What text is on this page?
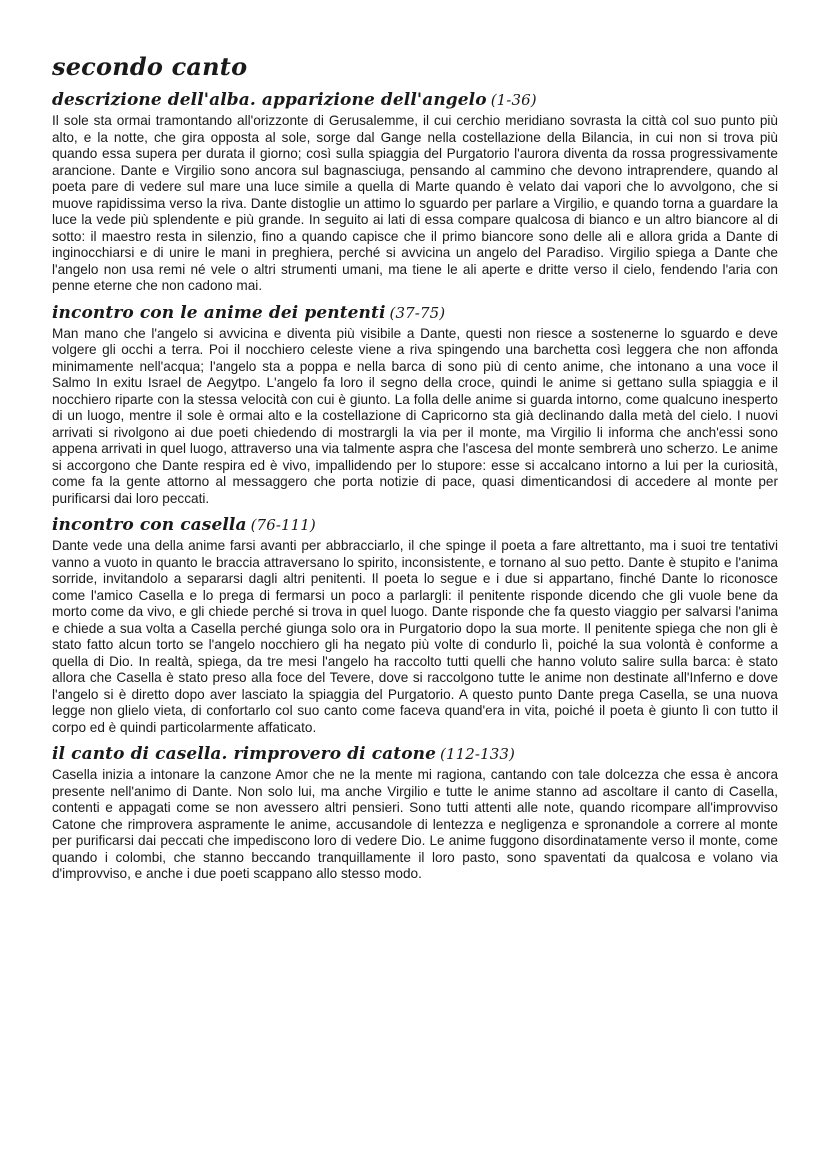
secondo canto
descrizione dell'alba. apparizione dell'angelo (1-36)

Il sole sta ormai tramontando all'orizzonte di Gerusalemme, il cui cerchio meridiano sovrasta la città col suo punto più alto, e la notte, che gira opposta al sole, sorge dal Gange nella costellazione della Bilancia, in cui non si trova più quando essa supera per durata il giorno; così sulla spiaggia del Purgatorio l'aurora diventa da rossa progressivamente arancione. Dante e Virgilio sono ancora sul bagnasciuga, pensando al cammino che devono intraprendere, quando al poeta pare di vedere sul mare una luce simile a quella di Marte quando è velato dai vapori che lo avvolgono, che si muove rapidissima verso la riva. Dante distoglie un attimo lo sguardo per parlare a Virgilio, e quando torna a guardare la luce la vede più splendente e più grande. In seguito ai lati di essa compare qualcosa di bianco e un altro biancore al di sotto: il maestro resta in silenzio, fino a quando capisce che il primo biancore sono delle ali e allora grida a Dante di inginocchiarsi e di unire le mani in preghiera, perché si avvicina un angelo del Paradiso. Virgilio spiega a Dante che l'angelo non usa remi né vele o altri strumenti umani, ma tiene le ali aperte e dritte verso il cielo, fendendo l'aria con penne eterne che non cadono mai.

incontro con le anime dei pententi (37-75)

Man mano che l'angelo si avvicina e diventa più visibile a Dante, questi non riesce a sostenerne lo sguardo e deve volgere gli occhi a terra. Poi il nocchiero celeste viene a riva spingendo una barchetta così leggera che non affonda minimamente nell'acqua; l'angelo sta a poppa e nella barca di sono più di cento anime, che intonano a una voce il Salmo In exitu Israel de Aegytpo. L'angelo fa loro il segno della croce, quindi le anime si gettano sulla spiaggia e il nocchiero riparte con la stessa velocità con cui è giunto. La folla delle anime si guarda intorno, come qualcuno inesperto di un luogo, mentre il sole è ormai alto e la costellazione di Capricorno sta già declinando dalla metà del cielo. I nuovi arrivati si rivolgono ai due poeti chiedendo di mostrargli la via per il monte, ma Virgilio li informa che anch'essi sono appena arrivati in quel luogo, attraverso una via talmente aspra che l'ascesa del monte sembrerà uno scherzo. Le anime si accorgono che Dante respira ed è vivo, impallidendo per lo stupore: esse si accalcano intorno a lui per la curiosità, come fa la gente attorno al messaggero che porta notizie di pace, quasi dimenticandosi di accedere al monte per purificarsi dai loro peccati.

incontro con casella (76-111)

Dante vede una della anime farsi avanti per abbracciarlo, il che spinge il poeta a fare altrettanto, ma i suoi tre tentativi vanno a vuoto in quanto le braccia attraversano lo spirito, inconsistente, e tornano al suo petto. Dante è stupito e l'anima sorride, invitandolo a separarsi dagli altri penitenti. Il poeta lo segue e i due si appartano, finché Dante lo riconosce come l'amico Casella e lo prega di fermarsi un poco a parlargli: il penitente risponde dicendo che gli vuole bene da morto come da vivo, e gli chiede perché si trova in quel luogo. Dante risponde che fa questo viaggio per salvarsi l'anima e chiede a sua volta a Casella perché giunga solo ora in Purgatorio dopo la sua morte. Il penitente spiega che non gli è stato fatto alcun torto se l'angelo nocchiero gli ha negato più volte di condurlo lì, poiché la sua volontà è conforme a quella di Dio. In realtà, spiega, da tre mesi l'angelo ha raccolto tutti quelli che hanno voluto salire sulla barca: è stato allora che Casella è stato preso alla foce del Tevere, dove si raccolgono tutte le anime non destinate all'Inferno e dove l'angelo si è diretto dopo aver lasciato la spiaggia del Purgatorio. A questo punto Dante prega Casella, se una nuova legge non glielo vieta, di confortarlo col suo canto come faceva quand'era in vita, poiché il poeta è giunto lì con tutto il corpo ed è quindi particolarmente affaticato.

il canto di casella. rimprovero di catone (112-133)

Casella inizia a intonare la canzone Amor che ne la mente mi ragiona, cantando con tale dolcezza che essa è ancora presente nell'animo di Dante. Non solo lui, ma anche Virgilio e tutte le anime stanno ad ascoltare il canto di Casella, contenti e appagati come se non avessero altri pensieri. Sono tutti attenti alle note, quando ricompare all'improvviso Catone che rimprovera aspramente le anime, accusandole di lentezza e negligenza e spronandole a correre al monte per purificarsi dai peccati che impediscono loro di vedere Dio. Le anime fuggono disordinatamente verso il monte, come quando i colombi, che stanno beccando tranquillamente il loro pasto, sono spaventati da qualcosa e volano via d'improvviso, e anche i due poeti scappano allo stesso modo.
